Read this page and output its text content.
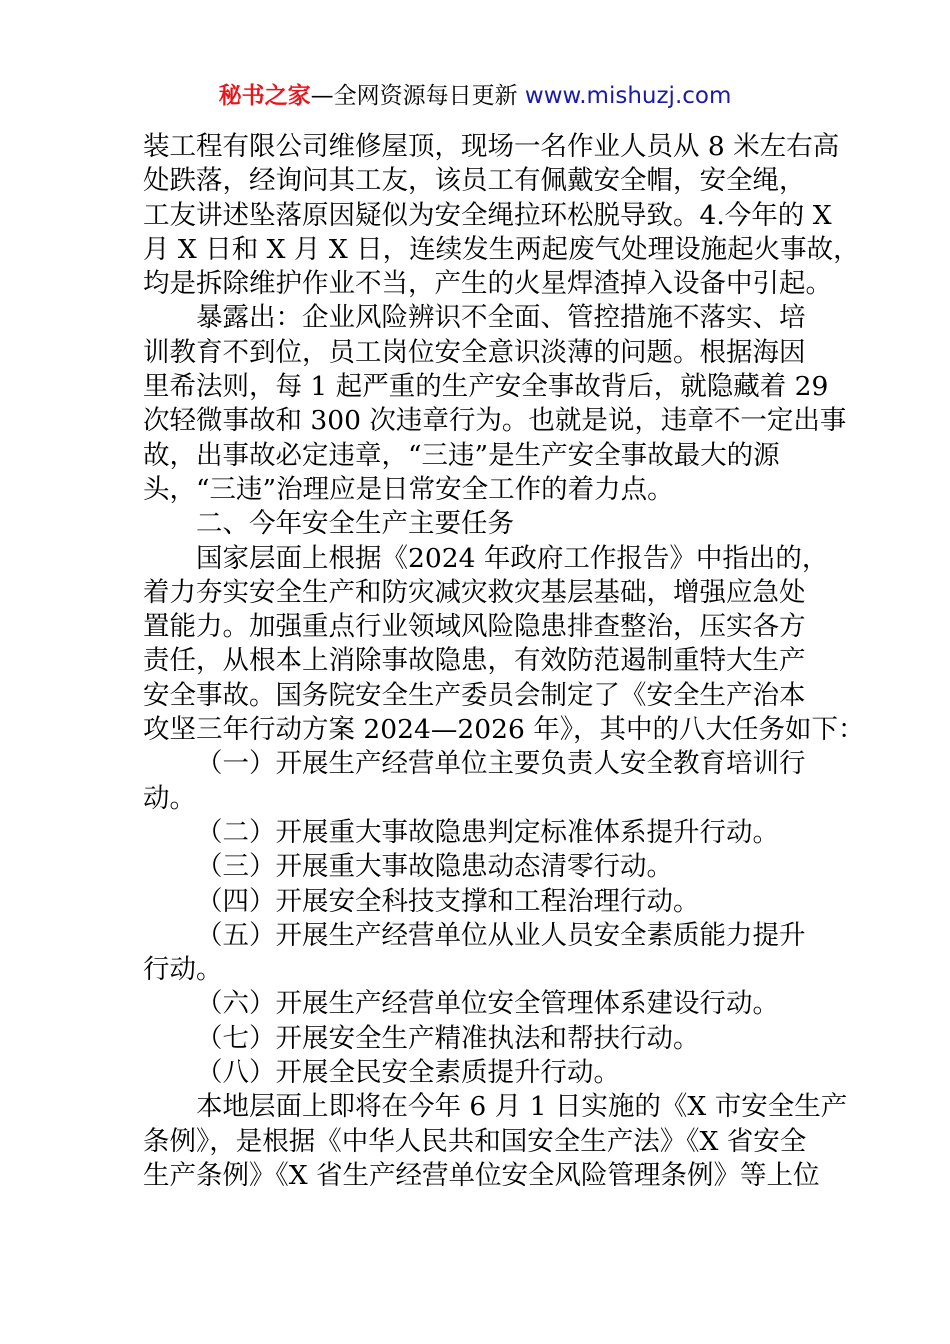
秘书之家—全网资源每日更新 www.mishuzj.com
装工程有限公司维修屋顶，现场一名作业人员从 8 米左右高
处跌落，经询问其工友，该员工有佩戴安全帽，安全绳，
工友讲述坠落原因疑似为安全绳拉环松脱导致。4.今年的 X
月 X 日和 X 月 X 日，连续发生两起废气处理设施起火事故，
均是拆除维护作业不当，产生的火星焊渣掉入设备中引起。
暴露出：企业风险辨识不全面、管控措施不落实、培
训教育不到位，员工岗位安全意识淡薄的问题。根据海因
里希法则，每 1 起严重的生产安全事故背后，就隐藏着 29
次轻微事故和 300 次违章行为。也就是说，违章不一定出事
故，出事故必定违章，“三违”是生产安全事故最大的源
头，“三违”治理应是日常安全工作的着力点。
二、今年安全生产主要任务
国家层面上根据《2024 年政府工作报告》中指出的，
着力夯实安全生产和防灾减灾救灾基层基础，增强应急处
置能力。加强重点行业领域风险隐患排查整治，压实各方
责任，从根本上消除事故隐患，有效防范遏制重特大生产
安全事故。国务院安全生产委员会制定了《安全生产治本
攻坚三年行动方案 2024—2026 年》，其中的八大任务如下：
（一）开展生产经营单位主要负责人安全教育培训行
动。
（二）开展重大事故隐患判定标准体系提升行动。
（三）开展重大事故隐患动态清零行动。
（四）开展安全科技支撑和工程治理行动。
（五）开展生产经营单位从业人员安全素质能力提升
行动。
（六）开展生产经营单位安全管理体系建设行动。
（七）开展安全生产精准执法和帮扶行动。
（八）开展全民安全素质提升行动。
本地层面上即将在今年 6 月 1 日实施的《X 市安全生产
条例》，是根据《中华人民共和国安全生产法》《X 省安全
生产条例》《X 省生产经营单位安全风险管理条例》等上位
